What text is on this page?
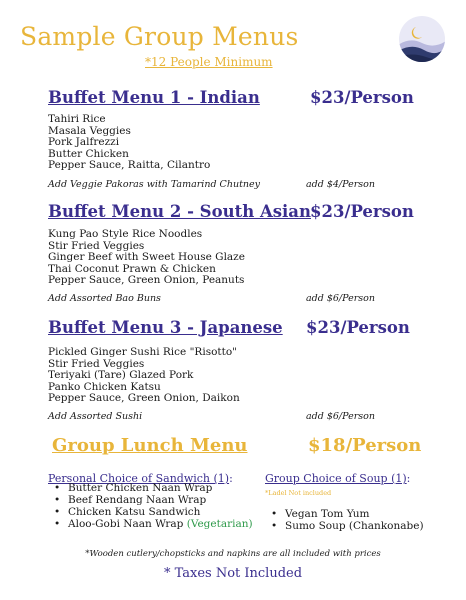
Sample Group Menus
*12 People Minimum
Buffet Menu 1 - Indian	$23/Person
Tahiri Rice
Masala Veggies
Pork Jalfrezzi
Butter Chicken
Pepper Sauce, Raitta, Cilantro
Add Veggie Pakoras with Tamarind Chutney	add $4/Person
Buffet Menu 2 - South Asian $23/Person
Kung Pao Style Rice Noodles
Stir Fried Veggies
Ginger Beef with Sweet House Glaze
Thai Coconut Prawn & Chicken
Pepper Sauce, Green Onion, Peanuts
Add Assorted Bao Buns	add $6/Person
Buffet Menu 3 - Japanese $23/Person
Pickled Ginger Sushi Rice "Risotto"
Stir Fried Veggies
Teriyaki (Tare) Glazed Pork
Panko Chicken Katsu
Pepper Sauce, Green Onion, Daikon
Add Assorted Sushi	add $6/Person
Group Lunch Menu	$18/Person
Personal Choice of Sandwich (1):
• Butter Chicken Naan Wrap
• Beef Rendang Naan Wrap
• Chicken Katsu Sandwich
• Aloo-Gobi Naan Wrap (Vegetarian)
Group Choice of Soup (1):
*Ladel Not included
• Vegan Tom Yum
• Sumo Soup (Chankonabe)
*Wooden cutlery/chopsticks and napkins are all included with prices
* Taxes Not Included
